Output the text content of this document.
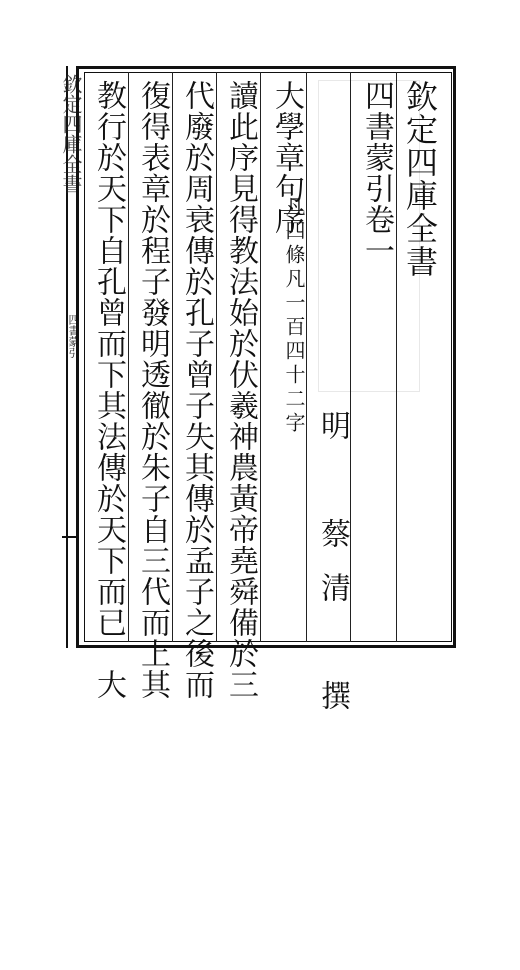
欽定四庫全書
四書蒙引
欽定四庫全書
四書蒙引卷一
明　蔡清　撰
大學章句序
凡四條凡一百四十二字
讀此序見得教法始於伏羲神農黃帝堯舜備於三
代廢於周衰傳於孔子曾子失其傳於孟子之後而
復得表章於程子發明透徹於朱子自三代而上其
教行於天下自孔曾而下其法傳於天下而已　大
